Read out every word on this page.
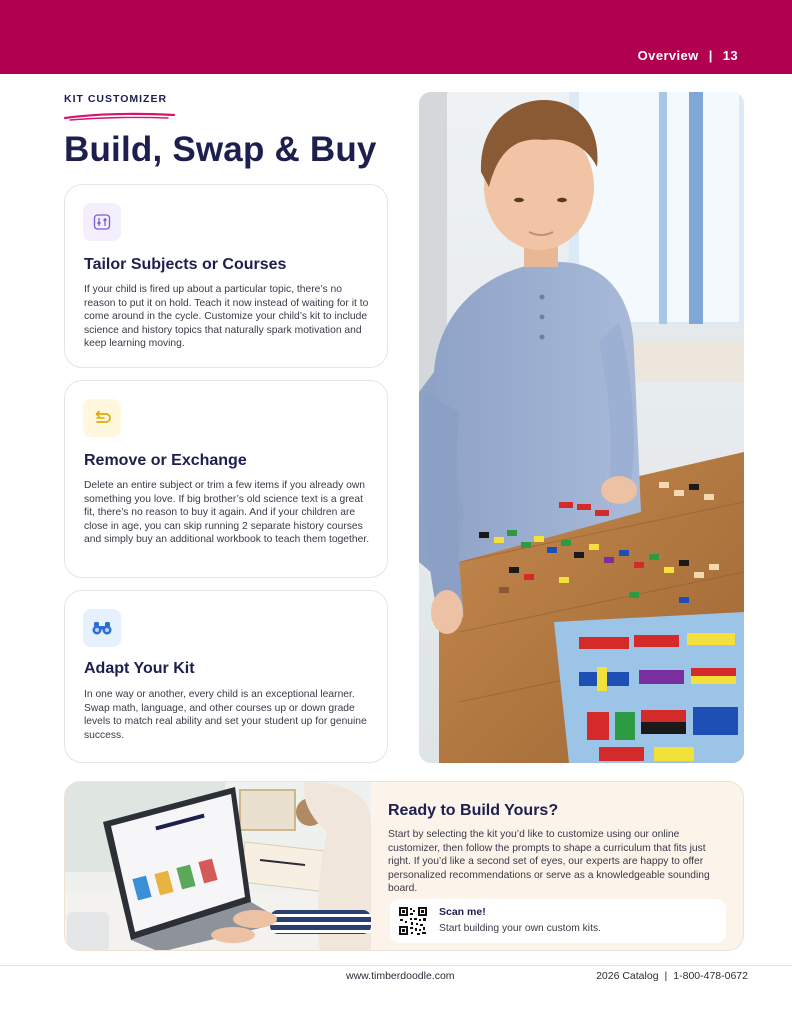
Overview | 13
KIT CUSTOMIZER
Build, Swap & Buy
Tailor Subjects or Courses

If your child is fired up about a particular topic, there’s no reason to put it on hold. Teach it now instead of waiting for it to come around in the cycle. Customize your child’s kit to include science and history topics that naturally spark motivation and keep learning moving.

Remove or Exchange

Delete an entire subject or trim a few items if you already own something you love. If big brother’s old science text is a great fit, there’s no reason to buy it again. And if your children are close in age, you can skip running 2 separate history courses and simply buy an additional workbook to teach them together.

Adapt Your Kit

In one way or another, every child is an exceptional learner. Swap math, language, and other courses up or down grade levels to match real ability and set your student up for genuine success.

Ready to Build Yours?

Start by selecting the kit you’d like to customize using our online customizer, then follow the prompts to shape a curriculum that fits just right. If you’d like a second set of eyes, our experts are happy to offer personalized recommendations or serve as a knowledgeable sounding board.

Scan me!
Start building your own custom kits.
www.timberdoodle.com	2026 Catalog | 1-800-478-0672
